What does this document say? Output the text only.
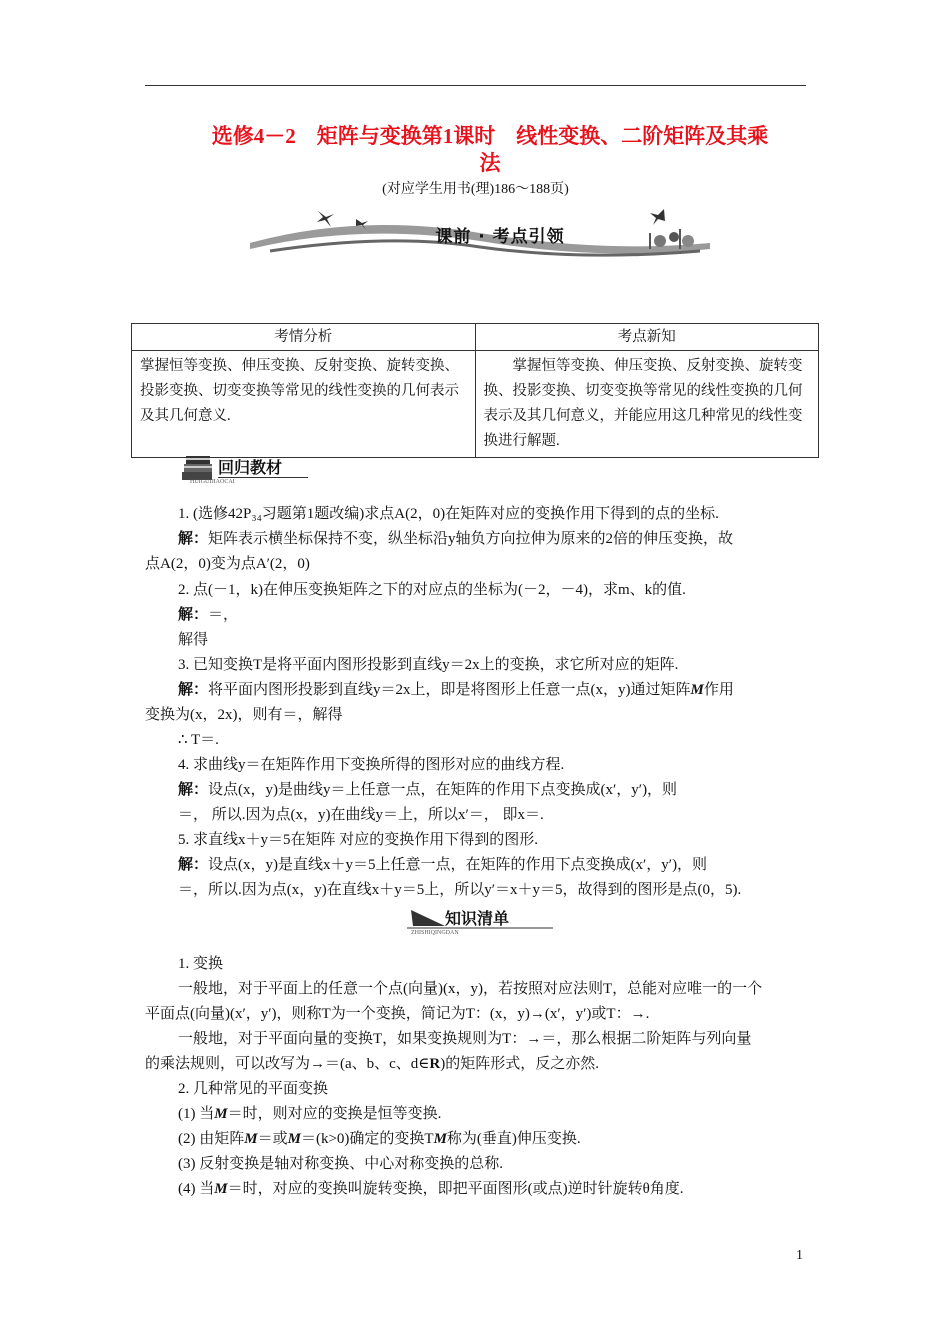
选修4－2　矩阵与变换第1课时　线性变换、二阶矩阵及其乘
法
(对应学生用书(理)186～188页)
课前 · 考点引领
考情分析	考点新知
掌握恒等变换、伸压变换、反射变换、旋转变换、投影变换、切变变换等常见的线性变换的几何表示及其几何意义.	掌握恒等变换、伸压变换、反射变换、旋转变换、投影变换、切变变换等常见的线性变换的几何表示及其几何意义，并能应用这几种常见的线性变换进行解题.
回归教材
HUIGUIJIAOCAI
1. (选修42P₃₄习题第1题改编)求点A(2，0)在矩阵对应的变换作用下得到的点的坐标.
解：矩阵表示横坐标保持不变，纵坐标沿y轴负方向拉伸为原来的2倍的伸压变换，故
点A(2，0)变为点A′(2，0)
2. 点(－1，k)在伸压变换矩阵之下的对应点的坐标为(－2，－4)，求m、k的值.
解：＝，
解得
3. 已知变换T是将平面内图形投影到直线y＝2x上的变换，求它所对应的矩阵.
解：将平面内图形投影到直线y＝2x上，即是将图形上任意一点(x，y)通过矩阵M作用
变换为(x，2x)，则有＝，解得
∴ T＝.
4. 求曲线y＝在矩阵作用下变换所得的图形对应的曲线方程.
解：设点(x，y)是曲线y＝上任意一点，在矩阵的作用下点变换成(x′，y′)，则
＝， 所以.因为点(x，y)在曲线y＝上，所以x′＝， 即x＝.
5. 求直线x＋y＝5在矩阵 对应的变换作用下得到的图形.
解：设点(x，y)是直线x＋y＝5上任意一点，在矩阵的作用下点变换成(x′，y′)，则
＝，所以.因为点(x，y)在直线x＋y＝5上，所以y′＝x＋y＝5，故得到的图形是点(0，5).
知识清单
ZHISHIQINGDAN
1. 变换
一般地，对于平面上的任意一个点(向量)(x，y)，若按照对应法则T，总能对应唯一的一个
平面点(向量)(x′，y′)，则称T为一个变换，简记为T：(x，y)→(x′，y′)或T：→.
一般地，对于平面向量的变换T，如果变换规则为T：→＝，那么根据二阶矩阵与列向量
的乘法规则，可以改写为→＝(a、b、c、d∈R)的矩阵形式，反之亦然.
2. 几种常见的平面变换
(1) 当M＝时，则对应的变换是恒等变换.
(2) 由矩阵M＝或M＝(k>0)确定的变换TM称为(垂直)伸压变换.
(3) 反射变换是轴对称变换、中心对称变换的总称.
(4) 当M＝时，对应的变换叫旋转变换，即把平面图形(或点)逆时针旋转θ角度.
1
